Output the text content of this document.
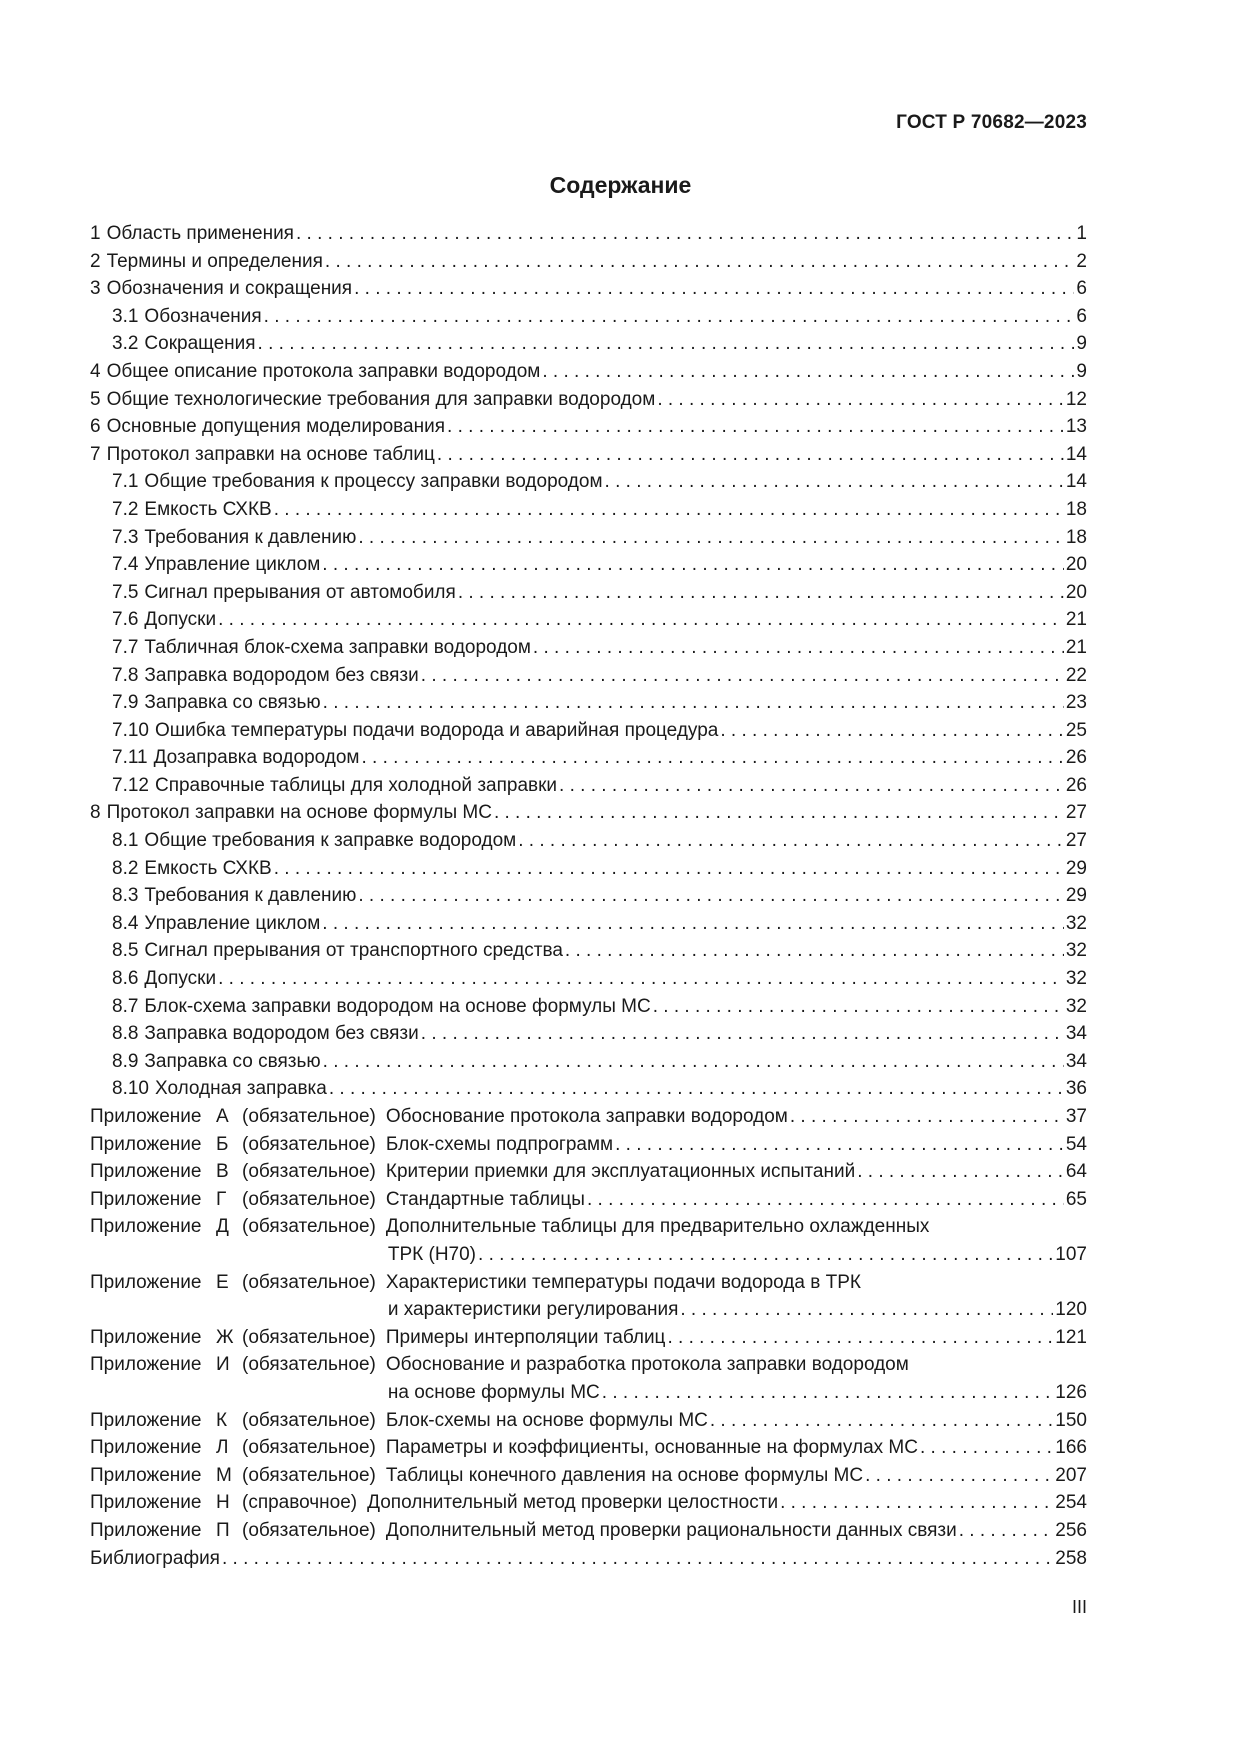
ГОСТ Р 70682—2023
Содержание
1 Область применения . . .	1
2 Термины и определения . . .	2
3 Обозначения и сокращения . . .	6
3.1 Обозначения . . .	6
3.2 Сокращения . . .	9
4 Общее описание протокола заправки водородом . . .	9
5 Общие технологические требования для заправки водородом . . .	12
6 Основные допущения моделирования . . .	13
7 Протокол заправки на основе таблиц . . .	14
7.1 Общие требования к процессу заправки водородом . . .	14
7.2 Емкость СХКВ . . .	18
7.3 Требования к давлению . . .	18
7.4 Управление циклом . . .	20
7.5 Сигнал прерывания от автомобиля . . .	20
7.6 Допуски . . .	21
7.7 Табличная блок-схема заправки водородом . . .	21
7.8 Заправка водородом без связи . . .	22
7.9 Заправка со связью . . .	23
7.10 Ошибка температуры подачи водорода и аварийная процедура . . .	25
7.11 Дозаправка водородом . . .	26
7.12 Справочные таблицы для холодной заправки . . .	26
8 Протокол заправки на основе формулы МС . . .	27
8.1 Общие требования к заправке водородом . . .	27
8.2 Емкость СХКВ . . .	29
8.3 Требования к давлению . . .	29
8.4 Управление циклом . . .	32
8.5 Сигнал прерывания от транспортного средства . . .	32
8.6 Допуски . . .	32
8.7 Блок-схема заправки водородом на основе формулы МС . . .	32
8.8 Заправка водородом без связи . . .	34
8.9 Заправка со связью . . .	34
8.10 Холодная заправка . . .	36
Приложение А (обязательное) Обоснование протокола заправки водородом . . .	37
Приложение Б (обязательное) Блок-схемы подпрограмм . . .	54
Приложение В (обязательное) Критерии приемки для эксплуатационных испытаний . . .	64
Приложение Г (обязательное) Стандартные таблицы . . .	65
Приложение Д (обязательное) Дополнительные таблицы для предварительно охлажденных
ТРК (H70) . . .	107
Приложение Е (обязательное) Характеристики температуры подачи водорода в ТРК
и характеристики регулирования . . .	120
Приложение Ж (обязательное) Примеры интерполяции таблиц . . .	121
Приложение И (обязательное) Обоснование и разработка протокола заправки водородом
на основе формулы МС . . .	126
Приложение К (обязательное) Блок-схемы на основе формулы МС . . .	150
Приложение Л (обязательное) Параметры и коэффициенты, основанные на формулах МС . . .	166
Приложение М (обязательное) Таблицы конечного давления на основе формулы МС . . .	207
Приложение Н (справочное) Дополнительный метод проверки целостности . . .	254
Приложение П (обязательное) Дополнительный метод проверки рациональности данных связи . . .	256
Библиография . . .	258
III
